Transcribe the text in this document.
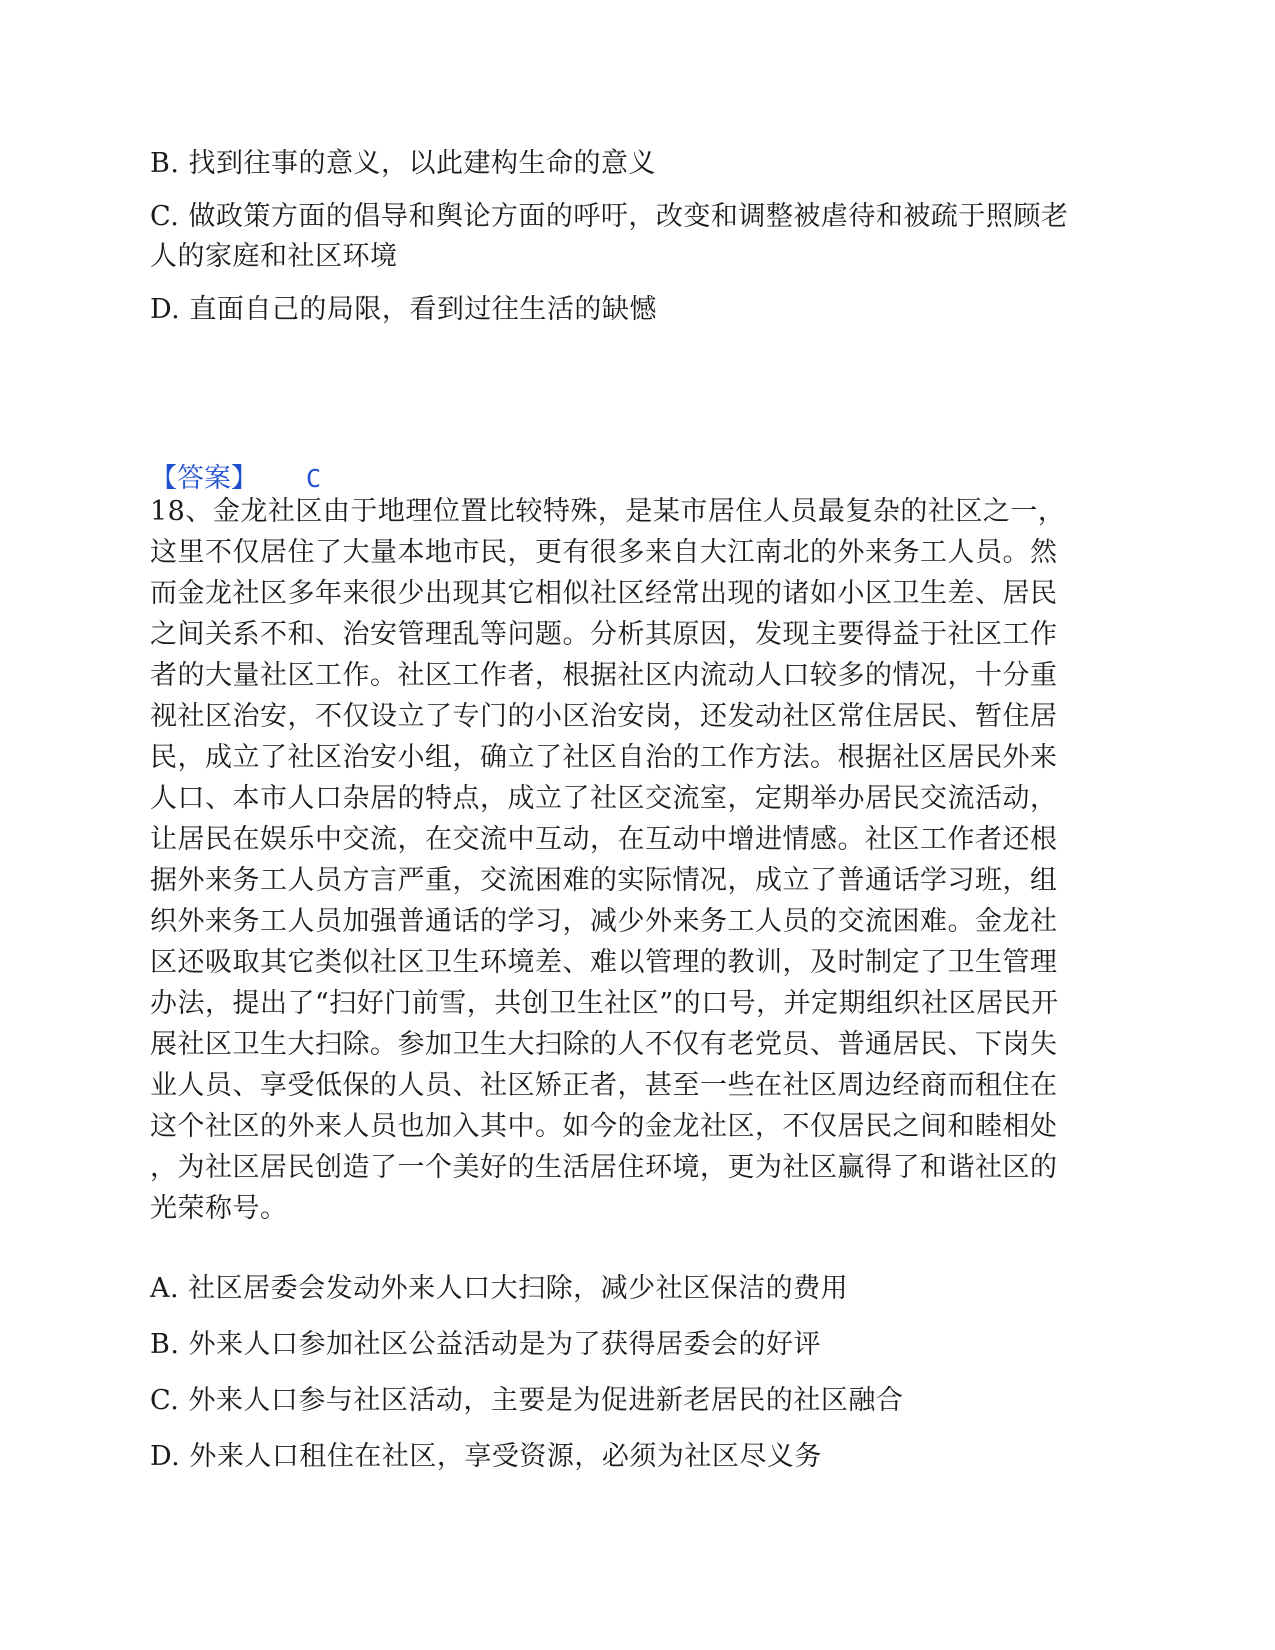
B. 找到往事的意义，以此建构生命的意义
C. 做政策方面的倡导和舆论方面的呼吁，改变和调整被虐待和被疏于照顾老
人的家庭和社区环境
D. 直面自己的局限，看到过往生活的缺憾
【答案】 C
18、金龙社区由于地理位置比较特殊，是某市居住人员最复杂的社区之一，
这里不仅居住了大量本地市民，更有很多来自大江南北的外来务工人员。然
而金龙社区多年来很少出现其它相似社区经常出现的诸如小区卫生差、居民
之间关系不和、治安管理乱等问题。分析其原因，发现主要得益于社区工作
者的大量社区工作。社区工作者，根据社区内流动人口较多的情况，十分重
视社区治安，不仅设立了专门的小区治安岗，还发动社区常住居民、暂住居
民，成立了社区治安小组，确立了社区自治的工作方法。根据社区居民外来
人口、本市人口杂居的特点，成立了社区交流室，定期举办居民交流活动，
让居民在娱乐中交流，在交流中互动，在互动中增进情感。社区工作者还根
据外来务工人员方言严重，交流困难的实际情况，成立了普通话学习班，组
织外来务工人员加强普通话的学习，减少外来务工人员的交流困难。金龙社
区还吸取其它类似社区卫生环境差、难以管理的教训，及时制定了卫生管理
办法，提出了“扫好门前雪，共创卫生社区”的口号，并定期组织社区居民开
展社区卫生大扫除。参加卫生大扫除的人不仅有老党员、普通居民、下岗失
业人员、享受低保的人员、社区矫正者，甚至一些在社区周边经商而租住在
这个社区的外来人员也加入其中。如今的金龙社区，不仅居民之间和睦相处
，为社区居民创造了一个美好的生活居住环境，更为社区赢得了和谐社区的
光荣称号。
A. 社区居委会发动外来人口大扫除，减少社区保洁的费用
B. 外来人口参加社区公益活动是为了获得居委会的好评
C. 外来人口参与社区活动，主要是为促进新老居民的社区融合
D. 外来人口租住在社区，享受资源，必须为社区尽义务
